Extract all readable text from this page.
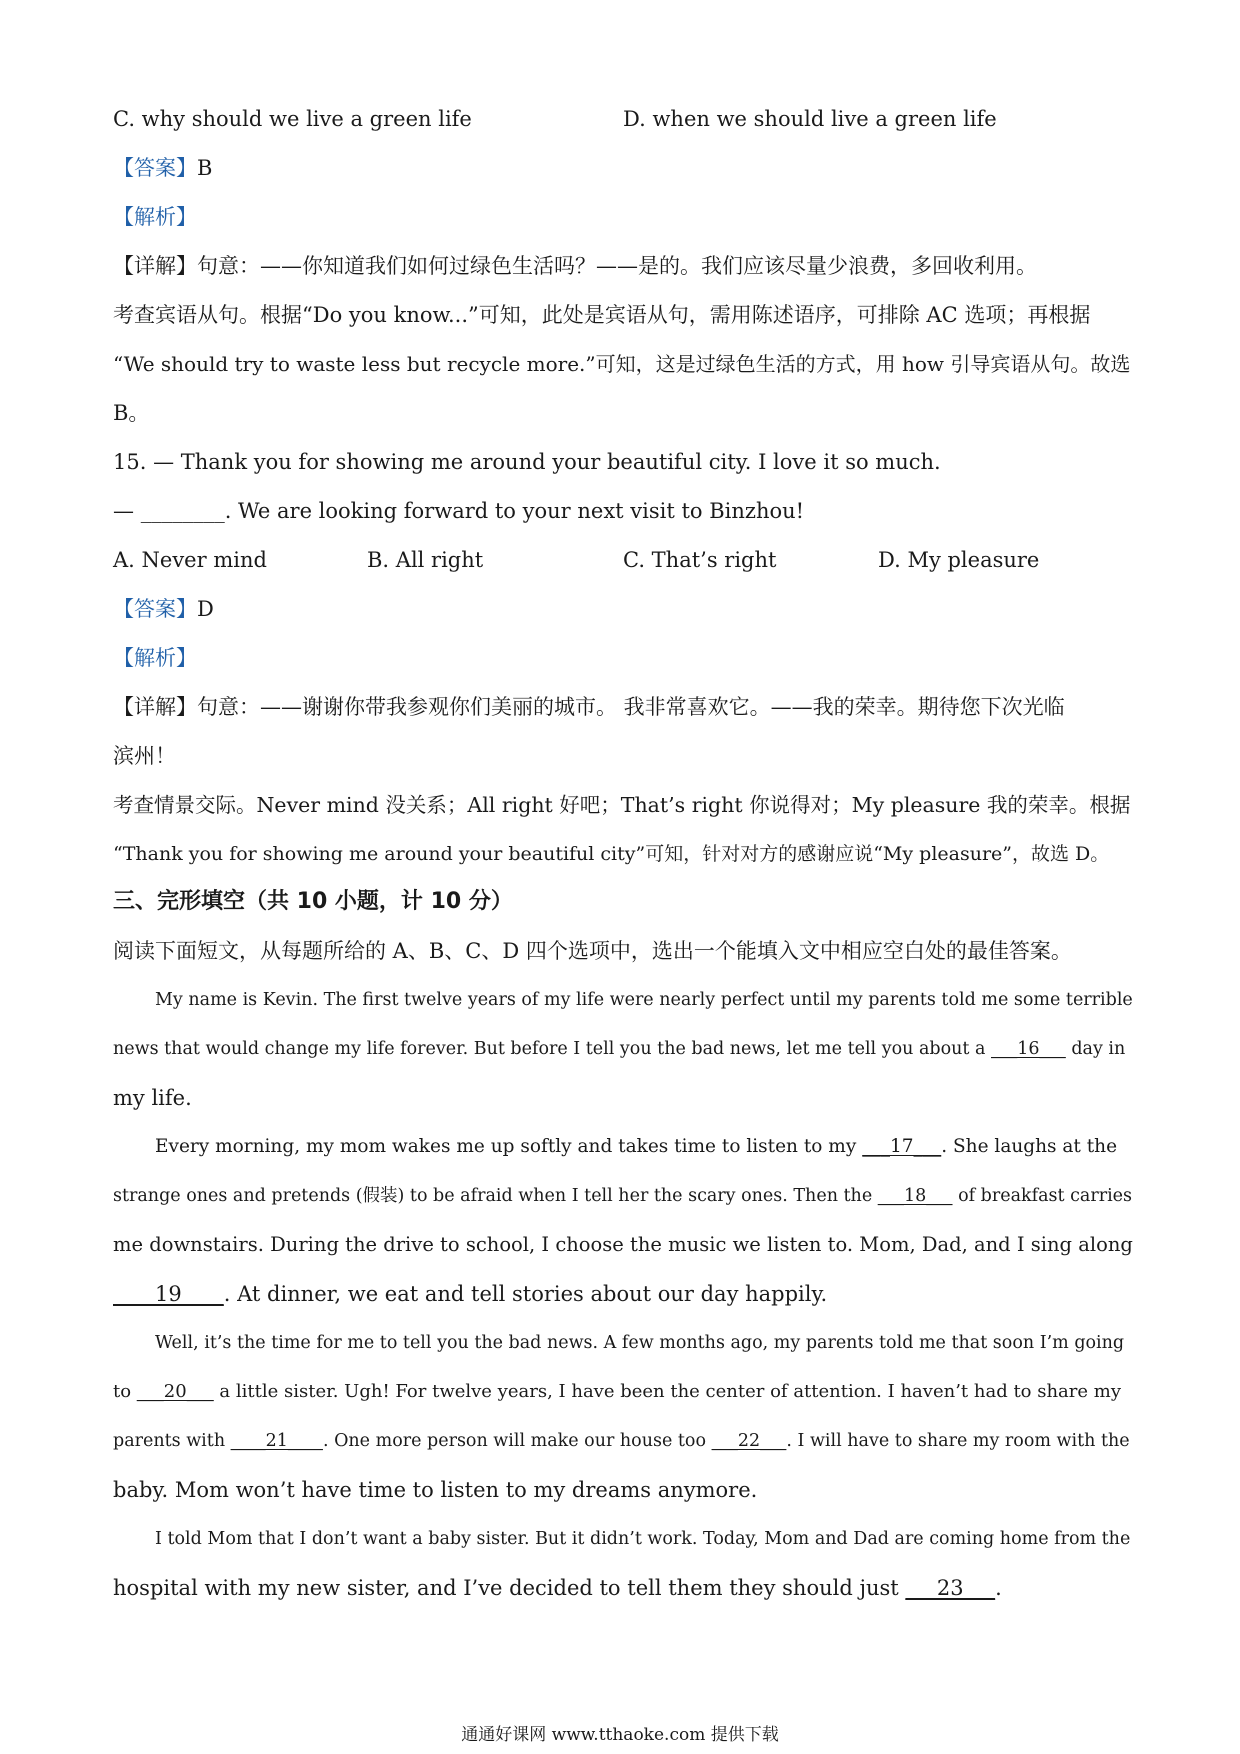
C. why should we live a green life	D. when we should live a green life
【答案】B
【解析】
【详解】句意：——你知道我们如何过绿色生活吗？——是的。我们应该尽量少浪费，多回收利用。
考查宾语从句。根据“Do you know...”可知，此处是宾语从句，需用陈述语序，可排除 AC 选项；再根据
“We should try to waste less but recycle more.”可知，这是过绿色生活的方式，用 how 引导宾语从句。故选
B。
15. — Thank you for showing me around your beautiful city. I love it so much.
— ________. We are looking forward to your next visit to Binzhou!
A. Never mind	B. All right	C. That’s right	D. My pleasure
【答案】D
【解析】
【详解】句意：——谢谢你带我参观你们美丽的城市。 我非常喜欢它。——我的荣幸。期待您下次光临
滨州！
考查情景交际。Never mind 没关系；All right 好吧；That’s right 你说得对；My pleasure 我的荣幸。根据
“Thank you for showing me around your beautiful city”可知，针对对方的感谢应说“My pleasure”，故选 D。
三、完形填空（共 10 小题，计 10 分）
阅读下面短文，从每题所给的 A、B、C、D 四个选项中，选出一个能填入文中相应空白处的最佳答案。
My name is Kevin. The first twelve years of my life were nearly perfect until my parents told me some terrible
news that would change my life forever. But before I tell you the bad news, let me tell you about a ___16___ day in
my life.
Every morning, my mom wakes me up softly and takes time to listen to my ___17___. She laughs at the
strange ones and pretends (假装) to be afraid when I tell her the scary ones. Then the ___18___ of breakfast carries
me downstairs. During the drive to school, I choose the music we listen to. Mom, Dad, and I sing along
____19____. At dinner, we eat and tell stories about our day happily.
Well, it’s the time for me to tell you the bad news. A few months ago, my parents told me that soon I’m going
to ___20___ a little sister. Ugh! For twelve years, I have been the center of attention. I haven’t had to share my
parents with ____21____. One more person will make our house too ___22___. I will have to share my room with the
baby. Mom won’t have time to listen to my dreams anymore.
I told Mom that I don’t want a baby sister. But it didn’t work. Today, Mom and Dad are coming home from the
hospital with my new sister, and I’ve decided to tell them they should just ___23___.
通通好课网 www.tthaoke.com 提供下载
